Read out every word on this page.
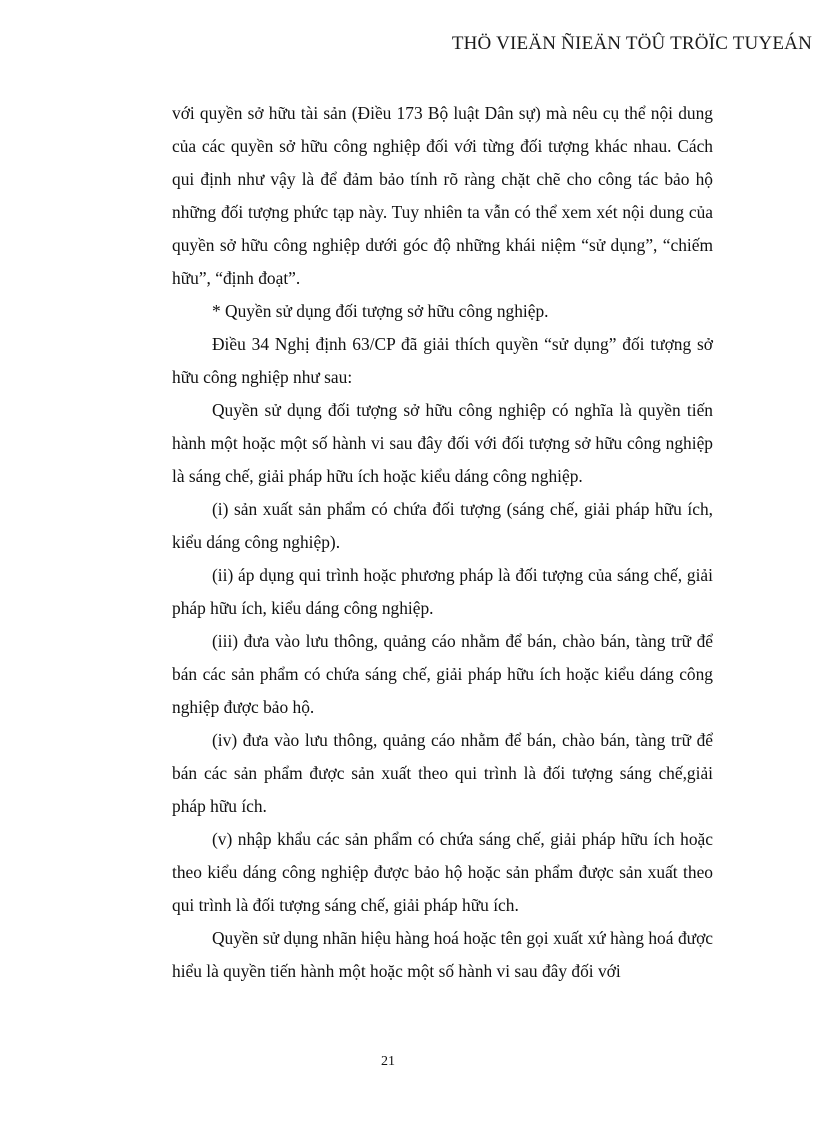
THÖ VIEÄN ÑIEÄN TÖÛ TRÖÏC TUYEÁN

với quyền sở hữu tài sản (Điều 173 Bộ luật Dân sự) mà nêu cụ thể nội dung của các quyền sở hữu công nghiệp đối với từng đối tượng khác nhau. Cách qui định như vậy là để đảm bảo tính rõ ràng chặt chẽ cho công tác bảo hộ những đối tượng phức tạp này. Tuy nhiên ta vẫn có thể xem xét nội dung của quyền sở hữu công nghiệp dưới góc độ những khái niệm “sử dụng”, “chiếm hữu”, “định đoạt”.

* Quyền sử dụng đối tượng sở hữu công nghiệp.

Điều 34 Nghị định 63/CP đã giải thích quyền “sử dụng” đối tượng sở hữu công nghiệp như sau:

Quyền sử dụng đối tượng sở hữu công nghiệp có nghĩa là quyền tiến hành một hoặc một số hành vi sau đây đối với đối tượng sở hữu công nghiệp là sáng chế, giải pháp hữu ích hoặc kiểu dáng công nghiệp.

(i) sản xuất sản phẩm có chứa đối tượng (sáng chế, giải pháp hữu ích, kiểu dáng công nghiệp).

(ii) áp dụng qui trình hoặc phương pháp là đối tượng của sáng chế, giải pháp hữu ích, kiểu dáng công nghiệp.

(iii) đưa vào lưu thông, quảng cáo nhằm để bán, chào bán, tàng trữ để bán các sản phẩm có chứa sáng chế, giải pháp hữu ích hoặc kiểu dáng công nghiệp được bảo hộ.

(iv) đưa vào lưu thông, quảng cáo nhằm để bán, chào bán, tàng trữ để bán các sản phẩm được sản xuất theo qui trình là đối tượng sáng chế,giải pháp hữu ích.

(v) nhập khẩu các sản phẩm có chứa sáng chế, giải pháp hữu ích hoặc theo kiểu dáng công nghiệp được bảo hộ hoặc sản phẩm được sản xuất theo qui trình là đối tượng sáng chế, giải pháp hữu ích.

Quyền sử dụng nhãn hiệu hàng hoá hoặc tên gọi xuất xứ hàng hoá được hiểu là quyền tiến hành một hoặc một số hành vi sau đây đối với

21
